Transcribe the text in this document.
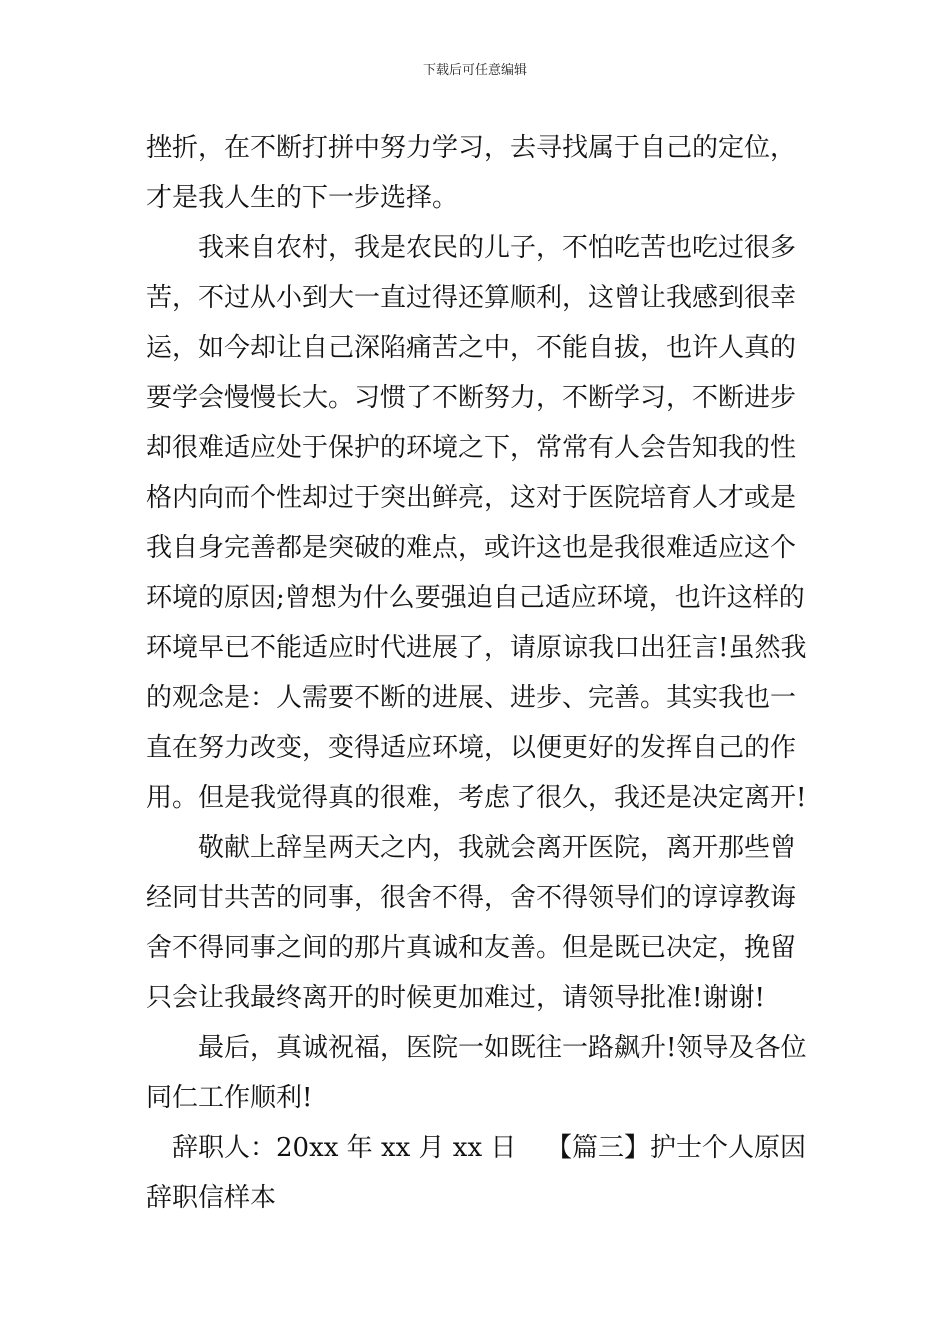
下载后可任意编辑
挫折，在不断打拼中努力学习，去寻找属于自己的定位，
才是我人生的下一步选择。
我来自农村，我是农民的儿子，不怕吃苦也吃过很多
苦，不过从小到大一直过得还算顺利，这曾让我感到很幸
运，如今却让自己深陷痛苦之中，不能自拔，也许人真的
要学会慢慢长大。习惯了不断努力，不断学习，不断进步
却很难适应处于保护的环境之下，常常有人会告知我的性
格内向而个性却过于突出鲜亮，这对于医院培育人才或是
我自身完善都是突破的难点，或许这也是我很难适应这个
环境的原因;曾想为什么要强迫自己适应环境，也许这样的
环境早已不能适应时代进展了，请原谅我口出狂言!虽然我
的观念是：人需要不断的进展、进步、完善。其实我也一
直在努力改变，变得适应环境，以便更好的发挥自己的作
用。但是我觉得真的很难，考虑了很久，我还是决定离开!
敬献上辞呈两天之内，我就会离开医院，离开那些曾
经同甘共苦的同事，很舍不得，舍不得领导们的谆谆教诲
舍不得同事之间的那片真诚和友善。但是既已决定，挽留
只会让我最终离开的时候更加难过，请领导批准!谢谢!
最后，真诚祝福，医院一如既往一路飙升!领导及各位
同仁工作顺利!
辞职人：20xx 年 xx 月 xx 日 【篇三】护士个人原因
辞职信样本
